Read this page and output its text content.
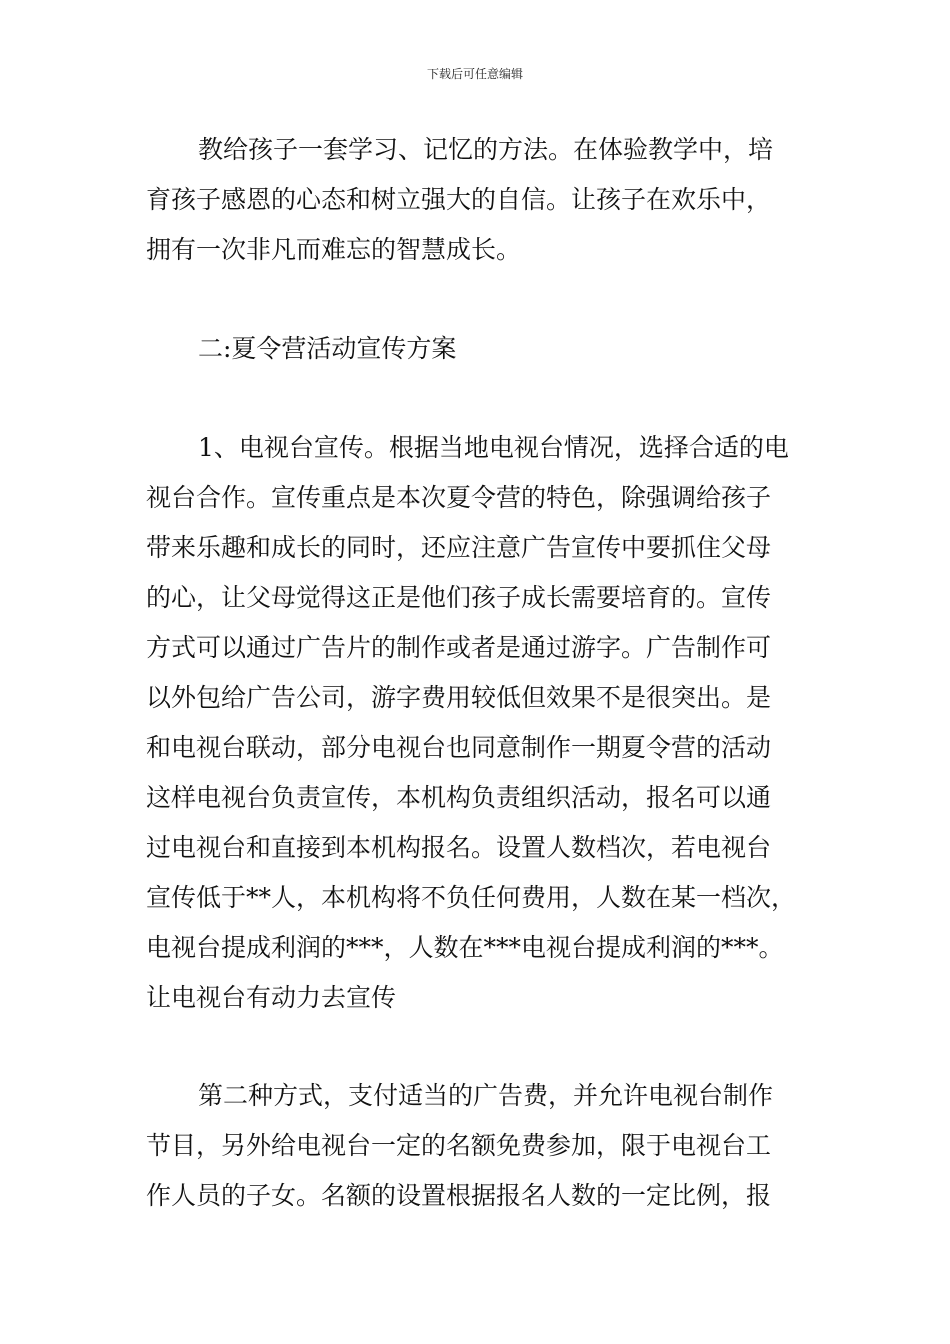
下载后可任意编辑
教给孩子一套学习、记忆的方法。在体验教学中，培
育孩子感恩的心态和树立强大的自信。让孩子在欢乐中，
拥有一次非凡而难忘的智慧成长。
二:夏令营活动宣传方案
1、电视台宣传。根据当地电视台情况，选择合适的电
视台合作。宣传重点是本次夏令营的特色，除强调给孩子
带来乐趣和成长的同时，还应注意广告宣传中要抓住父母
的心，让父母觉得这正是他们孩子成长需要培育的。宣传
方式可以通过广告片的制作或者是通过游字。广告制作可
以外包给广告公司，游字费用较低但效果不是很突出。是
和电视台联动，部分电视台也同意制作一期夏令营的活动
这样电视台负责宣传，本机构负责组织活动，报名可以通
过电视台和直接到本机构报名。设置人数档次，若电视台
宣传低于**人，本机构将不负任何费用，人数在某一档次，
电视台提成利润的***，人数在***电视台提成利润的***。
让电视台有动力去宣传
第二种方式，支付适当的广告费，并允许电视台制作
节目，另外给电视台一定的名额免费参加，限于电视台工
作人员的子女。名额的设置根据报名人数的一定比例，报
